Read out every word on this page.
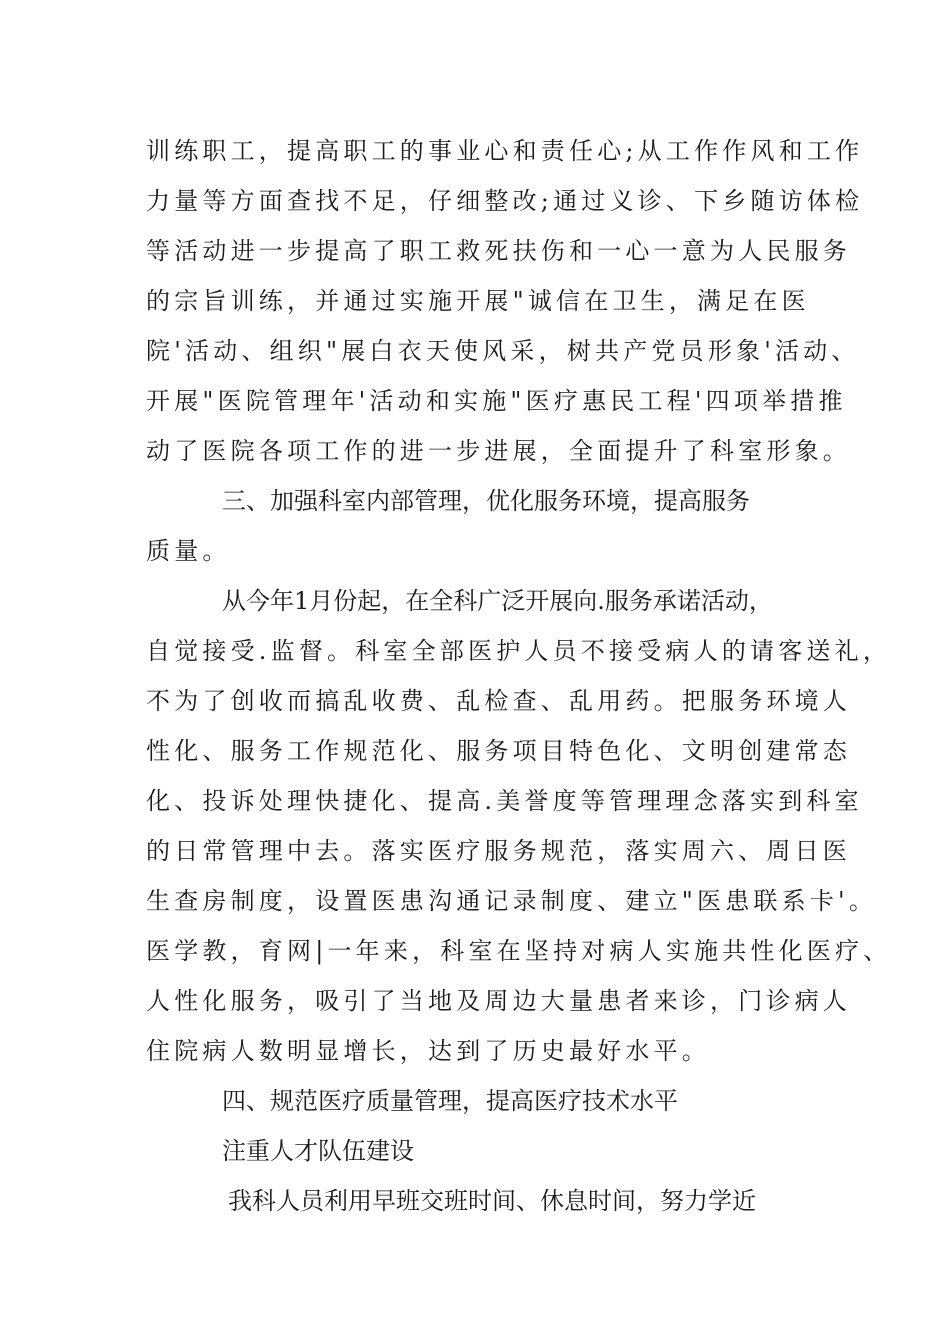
训练职工，提高职工的事业心和责任心;从工作作风和工作
力量等方面查找不足，仔细整改;通过义诊、下乡随访体检
等活动进一步提高了职工救死扶伤和一心一意为人民服务
的宗旨训练，并通过实施开展"诚信在卫生，满足在医
院'活动、组织"展白衣天使风采，树共产党员形象'活动、
开展"医院管理年'活动和实施"医疗惠民工程'四项举措推
动了医院各项工作的进一步进展，全面提升了科室形象。
三、加强科室内部管理，优化服务环境，提高服务
质量。
从今年1月份起，在全科广泛开展向.服务承诺活动，
自觉接受.监督。科室全部医护人员不接受病人的请客送礼，
不为了创收而搞乱收费、乱检查、乱用药。把服务环境人
性化、服务工作规范化、服务项目特色化、文明创建常态
化、投诉处理快捷化、提高.美誉度等管理理念落实到科室
的日常管理中去。落实医疗服务规范，落实周六、周日医
生查房制度，设置医患沟通记录制度、建立"医患联系卡'。
医学教，育网|一年来，科室在坚持对病人实施共性化医疗、
人性化服务，吸引了当地及周边大量患者来诊，门诊病人
住院病人数明显增长，达到了历史最好水平。
四、规范医疗质量管理，提高医疗技术水平
注重人才队伍建设
我科人员利用早班交班时间、休息时间，努力学近
